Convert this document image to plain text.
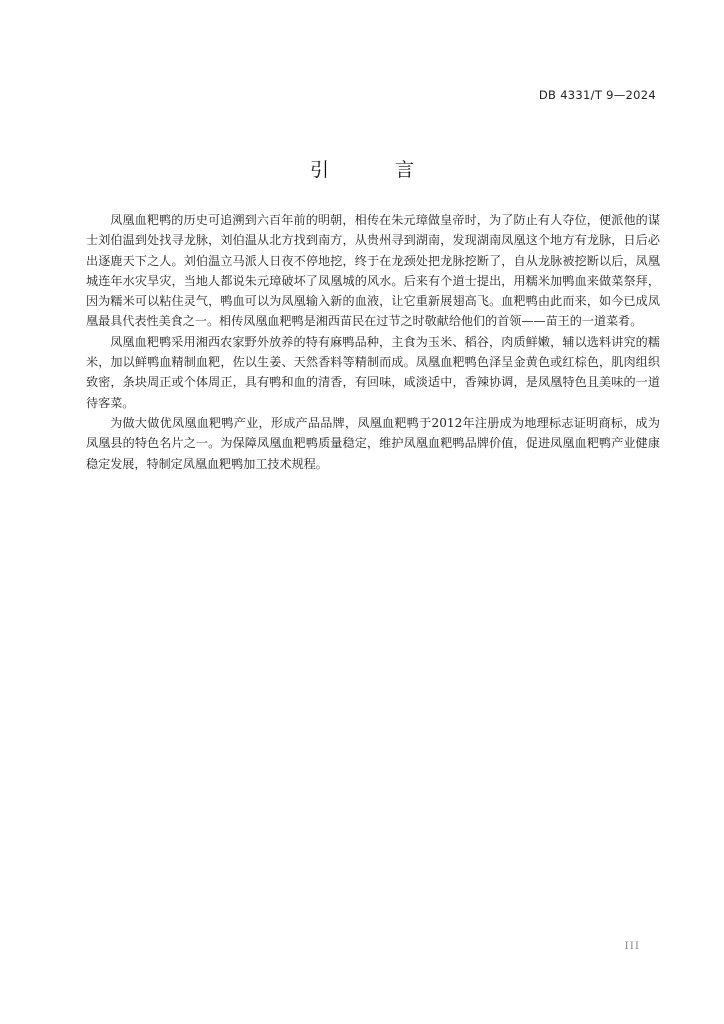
DB 4331/T 9—2024
引 言

凤凰血粑鸭的历史可追溯到六百年前的明朝，相传在朱元璋做皇帝时，为了防止有人夺位，便派他的谋士刘伯温到处找寻龙脉，刘伯温从北方找到南方，从贵州寻到湖南，发现湖南凤凰这个地方有龙脉，日后必出逐鹿天下之人。刘伯温立马派人日夜不停地挖，终于在龙颈处把龙脉挖断了，自从龙脉被挖断以后，凤凰城连年水灾旱灾，当地人都说朱元璋破坏了凤凰城的风水。后来有个道士提出，用糯米加鸭血来做菜祭拜，因为糯米可以粘住灵气，鸭血可以为凤凰输入新的血液，让它重新展翅高飞。血粑鸭由此而来，如今已成凤凰最具代表性美食之一。相传凤凰血粑鸭是湘西苗民在过节之时敬献给他们的首领——苗王的一道菜肴。

凤凰血粑鸭采用湘西农家野外放养的特有麻鸭品种，主食为玉米、稻谷，肉质鲜嫩，辅以选料讲究的糯米，加以鲜鸭血精制血粑，佐以生姜、天然香料等精制而成。凤凰血粑鸭色泽呈金黄色或红棕色，肌肉组织致密，条块周正或个体周正，具有鸭和血的清香，有回味，咸淡适中，香辣协调，是凤凰特色且美味的一道待客菜。

为做大做优凤凰血粑鸭产业，形成产品品牌，凤凰血粑鸭于2012年注册成为地理标志证明商标，成为凤凰县的特色名片之一。为保障凤凰血粑鸭质量稳定，维护凤凰血粑鸭品牌价值，促进凤凰血粑鸭产业健康稳定发展，特制定凤凰血粑鸭加工技术规程。

III
